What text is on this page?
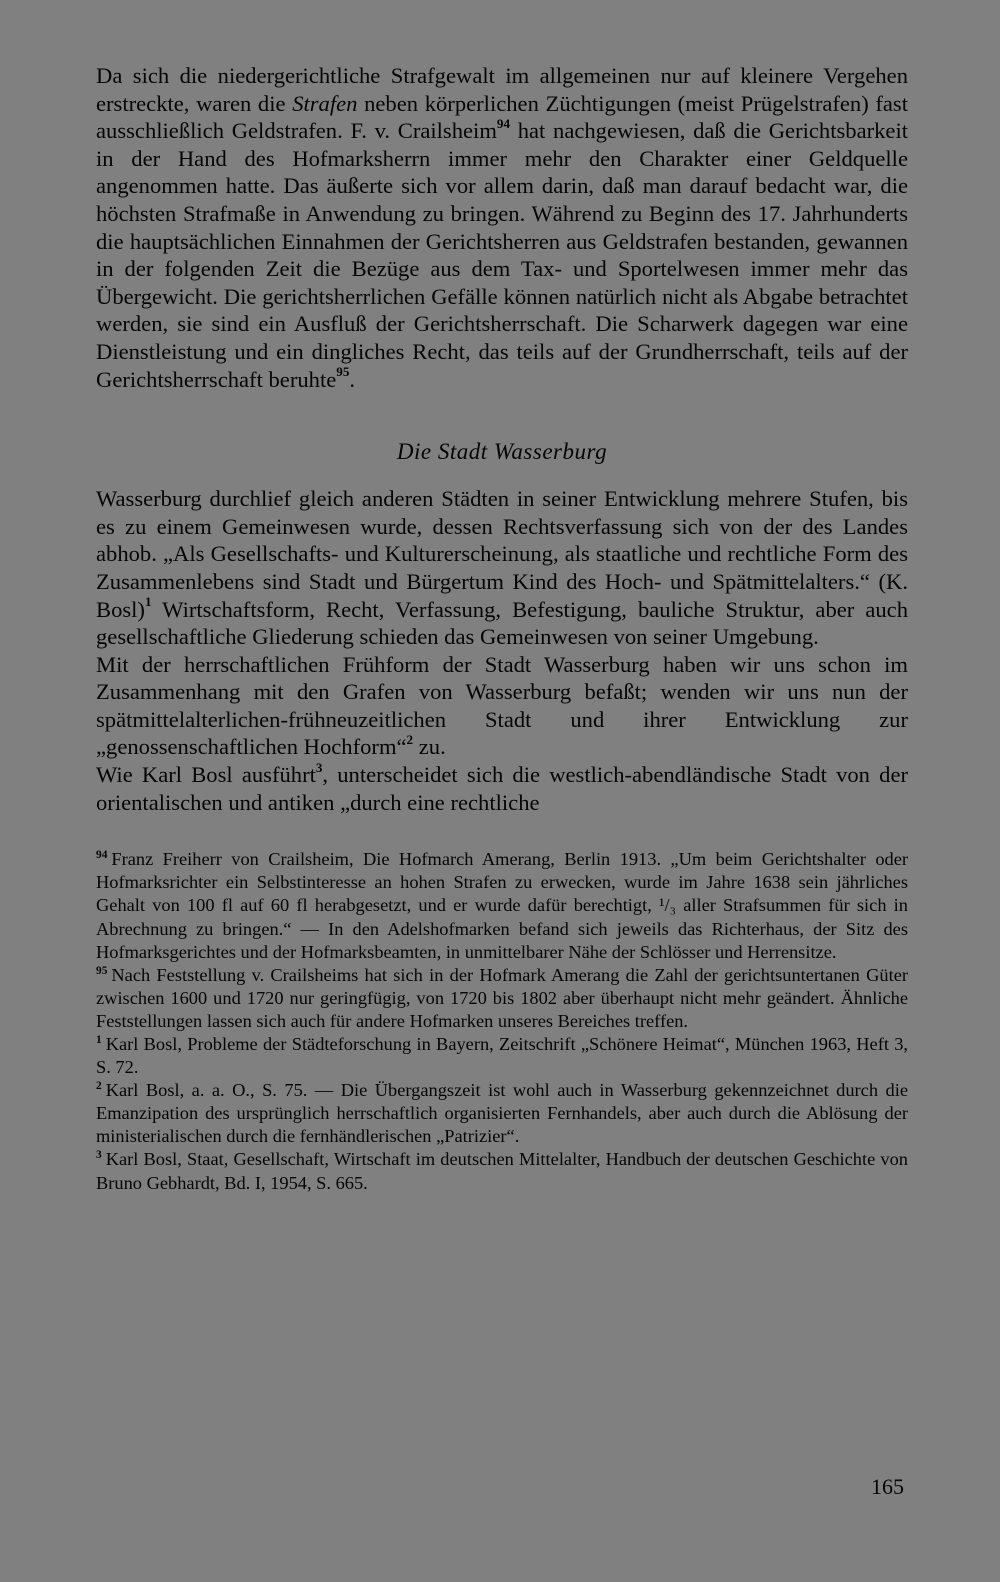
Da sich die niedergerichtliche Strafgewalt im allgemeinen nur auf kleinere Vergehen erstreckte, waren die Strafen neben körperlichen Züchtigungen (meist Prügelstrafen) fast ausschließlich Geldstrafen. F. v. Crailsheim$^{94}$ hat nachgewiesen, daß die Gerichtsbarkeit in der Hand des Hofmarksherrn immer mehr den Charakter einer Geldquelle angenommen hatte. Das äußerte sich vor allem darin, daß man darauf bedacht war, die höchsten Strafmaße in Anwendung zu bringen. Während zu Beginn des 17. Jahrhunderts die hauptsächlichen Einnahmen der Gerichtsherren aus Geldstrafen bestanden, gewannen in der folgenden Zeit die Bezüge aus dem Tax- und Sportelwesen immer mehr das Übergewicht. Die gerichtsherrlichen Gefälle können natürlich nicht als Abgabe betrachtet werden, sie sind ein Ausfluß der Gerichtsherrschaft. Die Scharwerk dagegen war eine Dienstleistung und ein dingliches Recht, das teils auf der Grundherrschaft, teils auf der Gerichtsherrschaft beruhte$^{95}$.

Die Stadt Wasserburg

Wasserburg durchlief gleich anderen Städten in seiner Entwicklung mehrere Stufen, bis es zu einem Gemeinwesen wurde, dessen Rechtsverfassung sich von der des Landes abhob. „Als Gesellschafts- und Kulturerscheinung, als staatliche und rechtliche Form des Zusammenlebens sind Stadt und Bürgertum Kind des Hoch- und Spätmittelalters.“ (K. Bosl)$^1$ Wirtschaftsform, Recht, Verfassung, Befestigung, bauliche Struktur, aber auch gesellschaftliche Gliederung schieden das Gemeinwesen von seiner Umgebung.

Mit der herrschaftlichen Frühform der Stadt Wasserburg haben wir uns schon im Zusammenhang mit den Grafen von Wasserburg befaßt; wenden wir uns nun der spätmittelalterlichen-frühneuzeitlichen Stadt und ihrer Entwicklung zur „genossenschaftlichen Hochform“$^2$ zu.

Wie Karl Bosl ausführt$^3$, unterscheidet sich die westlich-abendländische Stadt von der orientalischen und antiken „durch eine rechtliche

$^{94}$ Franz Freiherr von Crailsheim, Die Hofmarch Amerang, Berlin 1913. „Um beim Gerichtshalter oder Hofmarksrichter ein Selbstinteresse an hohen Strafen zu erwecken, wurde im Jahre 1638 sein jährliches Gehalt von 100 fl auf 60 fl herabgesetzt, und er wurde dafür berechtigt, ¹/₃ aller Strafsummen für sich in Abrechnung zu bringen.“ — In den Adelshofmarken befand sich jeweils das Richterhaus, der Sitz des Hofmarksgerichtes und der Hofmarksbeamten, in unmittelbarer Nähe der Schlösser und Herrensitze.

$^{95}$ Nach Feststellung v. Crailsheims hat sich in der Hofmark Amerang die Zahl der gerichtsuntertanen Güter zwischen 1600 und 1720 nur geringfügig, von 1720 bis 1802 aber überhaupt nicht mehr geändert. Ähnliche Feststellungen lassen sich auch für andere Hofmarken unseres Bereiches treffen.

$^1$ Karl Bosl, Probleme der Städteforschung in Bayern, Zeitschrift „Schönere Heimat“, München 1963, Heft 3, S. 72.

$^2$ Karl Bosl, a. a. O., S. 75. — Die Übergangszeit ist wohl auch in Wasserburg gekennzeichnet durch die Emanzipation des ursprünglich herrschaftlich organisierten Fernhandels, aber auch durch die Ablösung der ministerialischen durch die fernhändlerischen „Patrizier“.

$^3$ Karl Bosl, Staat, Gesellschaft, Wirtschaft im deutschen Mittelalter, Handbuch der deutschen Geschichte von Bruno Gebhardt, Bd. I, 1954, S. 665.

165
